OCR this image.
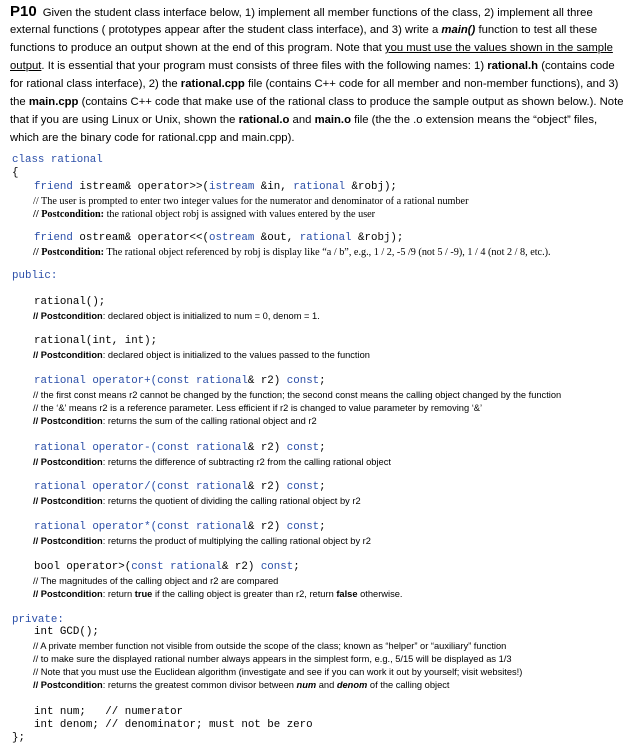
P10 Given the student class interface below, 1) implement all member functions of the class, 2) implement all three
external functions ( prototypes appear after the student class interface), and 3) write a main() function to test all these
functions to produce an output shown at the end of this program. Note that you must use the values shown in the sample
output. It is essential that your program must consists of three files with the following names: 1) rational.h (contains code
for rational class interface), 2) the rational.cpp file (contains C++ code for all member and non-member functions), and 3)
the main.cpp (contains C++ code that make use of the rational class to produce the sample output as shown below.). Note
that if you are using Linux or Unix, shown the rational.o and main.o file (the the .o extension means the “object” files,
which are the binary code for rational.cpp and main.cpp).
class rational
{
friend istream& operator>>(istream &in, rational &robj);
// The user is prompted to enter two integer values for the numerator and denominator of a rational number
// Postcondition: the rational object robj is assigned with values entered by the user
friend ostream& operator<<(ostream &out, rational &robj);
// Postcondition: The rational object referenced by robj is display like “a / b”, e.g., 1 / 2, -5 /9 (not 5 / -9), 1 / 4 (not 2 / 8, etc.).
public:
rational();
// Postcondition: declared object is initialized to num = 0, denom = 1.
rational(int, int);
// Postcondition: declared object is initialized to the values passed to the function
rational operator+(const rational& r2) const;
// the first const means r2 cannot be changed by the function; the second const means the calling object changed by the function
// the ‘&’ means r2 is a reference parameter. Less efficient if r2 is changed to value parameter by removing ‘&’
// Postcondition: returns the sum of the calling rational object and r2
rational operator-(const rational& r2) const;
// Postcondition: returns the difference of subtracting r2 from the calling rational object
rational operator/(const rational& r2) const;
// Postcondition: returns the quotient of dividing the calling rational object by r2
rational operator*(const rational& r2) const;
// Postcondition: returns the product of multiplying the calling rational object by r2
bool operator>(const rational& r2) const;
// The magnitudes of the calling object and r2 are compared
// Postcondition: return true if the calling object is greater than r2, return false otherwise.
private:
int GCD();
// A private member function not visible from outside the scope of the class; known as “helper” or “auxiliary” function
// to make sure the displayed rational number always appears in the simplest form, e.g., 5/15 will be displayed as 1/3
// Note that you must use the Euclidean algorithm (investigate and see if you can work it out by yourself; visit websites!)
// Postcondition: returns the greatest common divisor between num and denom of the calling object
int num;   // numerator
int denom; // denominator; must not be zero
};
